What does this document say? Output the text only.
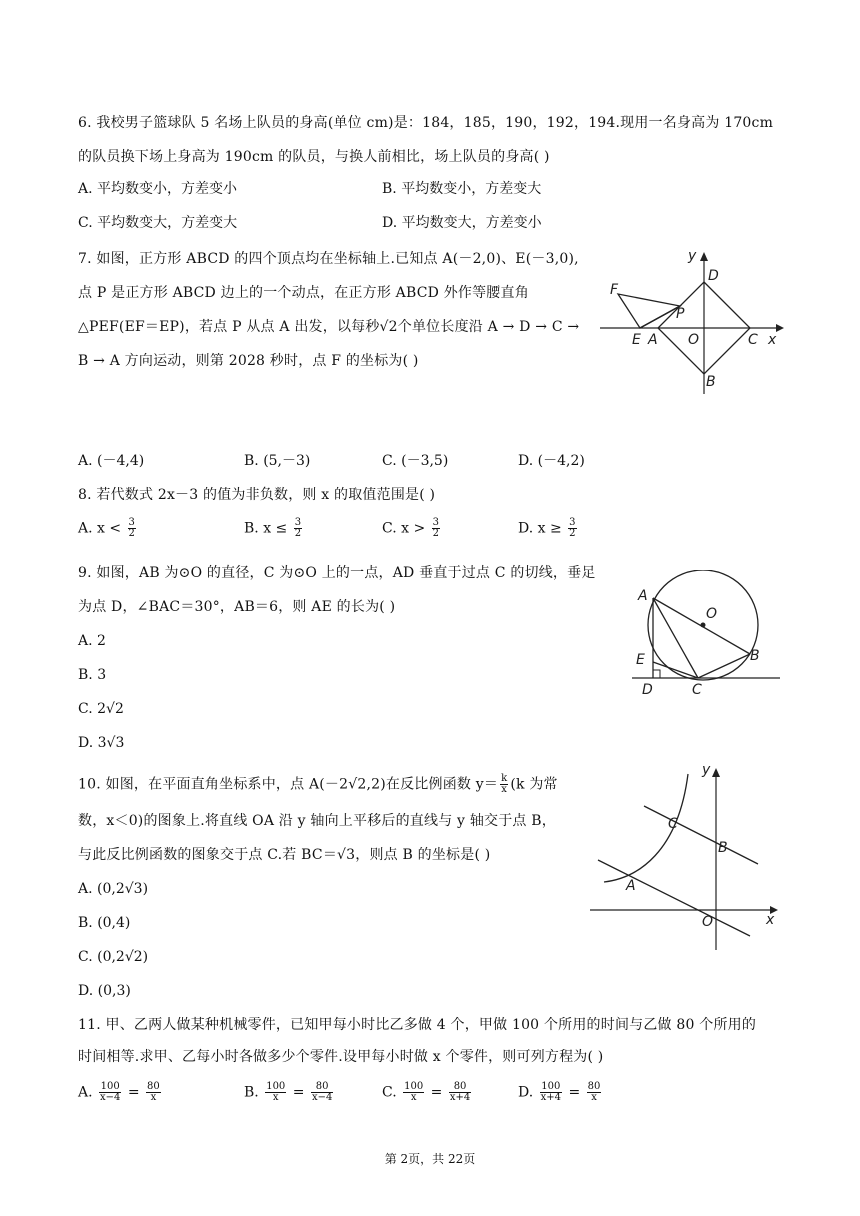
6. 我校男子篮球队 5 名场上队员的身高(单位 cm)是：184，185，190，192，194.现用一名身高为 170cm
的队员换下场上身高为 190cm 的队员，与换人前相比，场上队员的身高( )
A. 平均数变小，方差变小	B. 平均数变小，方差变大
C. 平均数变大，方差变大	D. 平均数变大，方差变小
7. 如图，正方形 ABCD 的四个顶点均在坐标轴上.已知点 A(－2,0)、E(－3,0),
点 P 是正方形 ABCD 边上的一个动点，在正方形 ABCD 外作等腰直角
△PEF(EF＝EP)，若点 P 从点 A 出发，以每秒√2个单位长度沿 A → D → C →
B → A 方向运动，则第 2028 秒时，点 F 的坐标为( )
y
D
F
P
E A O	C x
B
A. (－4,4)	B. (5,－3)	C. (－3,5)	D. (－4,2)
8. 若代数式 2x－3 的值为非负数，则 x 的取值范围是( )
A. $x < \frac{3}{2}$	B. $x \le \frac{3}{2}$	C. $x > \frac{3}{2}$	D. $x \ge \frac{3}{2}$
9. 如图，AB 为⊙O 的直径，C 为⊙O 上的一点，AD 垂直于过点 C 的切线，垂足
为点 D，∠BAC＝30°，AB＝6，则 AE 的长为( )
A. 2
B. 3
C. 2√2
D. 3√3
A
O
E	B
D	C
10. 如图，在平面直角坐标系中，点 A(－2√2,2)在反比例函数 $y= \frac{k}{x} (k$ 为常
数，x＜0)的图象上.将直线 OA 沿 y 轴向上平移后的直线与 y 轴交于点 B，
与此反比例函数的图象交于点 C.若 BC＝√3，则点 B 的坐标是( )
A. (0,2√3)
B. (0,4)
C. (0,2√2)
D. (0,3)
y
C
B
A
O	x
11. 甲、乙两人做某种机械零件，已知甲每小时比乙多做 4 个，甲做 100 个所用的时间与乙做 80 个所用的
时间相等.求甲、乙每小时各做多少个零件.设甲每小时做 x 个零件，则可列方程为( )
A. $\frac{100}{x-4} = \frac{80}{x}$	B. $\frac{100}{x} = \frac{80}{x-4}$	C. $\frac{100}{x} = \frac{80}{x+4}$	D. $\frac{100}{x+4} = \frac{80}{x}$
第 2页，共 22页
